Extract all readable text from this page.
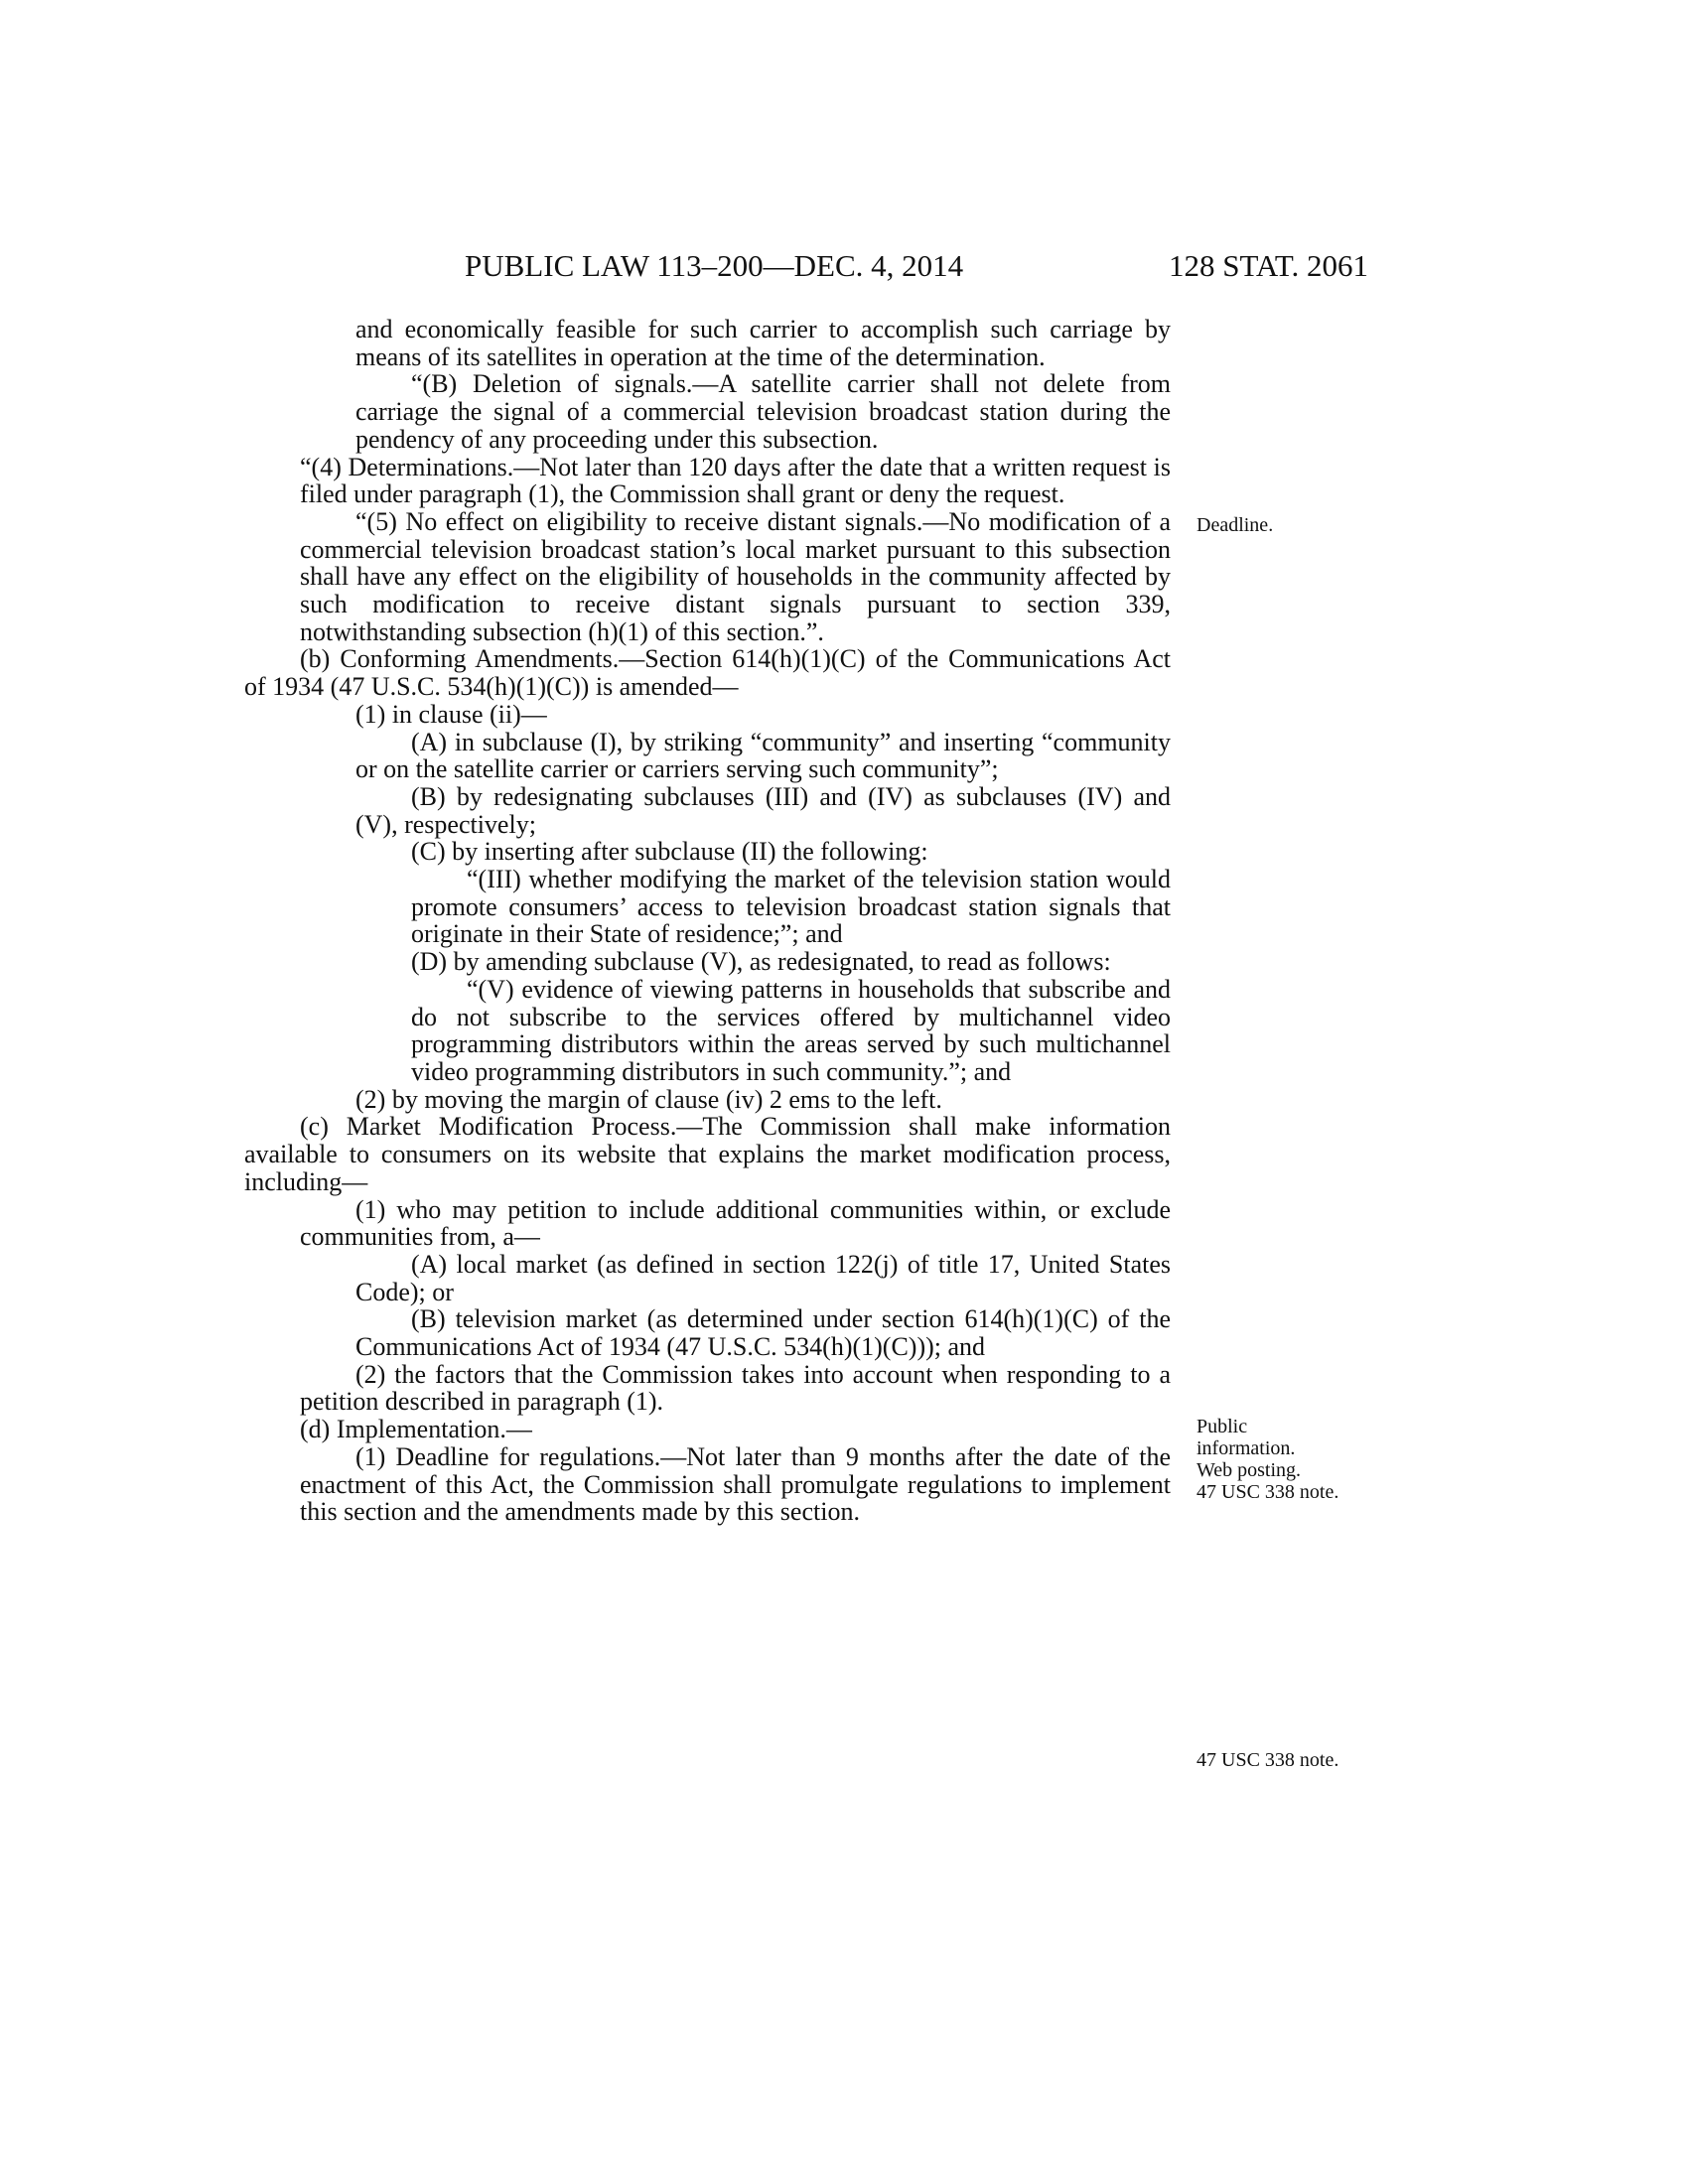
PUBLIC LAW 113–200—DEC. 4, 2014	128 STAT. 2061

and economically feasible for such carrier to accomplish such carriage by means of its satellites in operation at the time of the determination.

“(B) Deletion of signals.—A satellite carrier shall not delete from carriage the signal of a commercial television broadcast station during the pendency of any proceeding under this subsection.

“(4) Determinations.—Not later than 120 days after the date that a written request is filed under paragraph (1), the Commission shall grant or deny the request.

“(5) No effect on eligibility to receive distant signals.—No modification of a commercial television broadcast station’s local market pursuant to this subsection shall have any effect on the eligibility of households in the community affected by such modification to receive distant signals pursuant to section 339, notwithstanding subsection (h)(1) of this section.”.

(b) Conforming Amendments.—Section 614(h)(1)(C) of the Communications Act of 1934 (47 U.S.C. 534(h)(1)(C)) is amended—

(1) in clause (ii)—

(A) in subclause (I), by striking “community” and inserting “community or on the satellite carrier or carriers serving such community”;

(B) by redesignating subclauses (III) and (IV) as subclauses (IV) and (V), respectively;

(C) by inserting after subclause (II) the following:

“(III) whether modifying the market of the television station would promote consumers’ access to television broadcast station signals that originate in their State of residence;”; and

(D) by amending subclause (V), as redesignated, to read as follows:

“(V) evidence of viewing patterns in households that subscribe and do not subscribe to the services offered by multichannel video programming distributors within the areas served by such multichannel video programming distributors in such community.”; and

(2) by moving the margin of clause (iv) 2 ems to the left.

(c) Market Modification Process.—The Commission shall make information available to consumers on its website that explains the market modification process, including—

(1) who may petition to include additional communities within, or exclude communities from, a—

(A) local market (as defined in section 122(j) of title 17, United States Code); or

(B) television market (as determined under section 614(h)(1)(C) of the Communications Act of 1934 (47 U.S.C. 534(h)(1)(C))); and

(2) the factors that the Commission takes into account when responding to a petition described in paragraph (1).

(d) Implementation.—

(1) Deadline for regulations.—Not later than 9 months after the date of the enactment of this Act, the Commission shall promulgate regulations to implement this section and the amendments made by this section.

Deadline.
Public
information.
Web posting.
47 USC 338 note.
47 USC 338 note.
